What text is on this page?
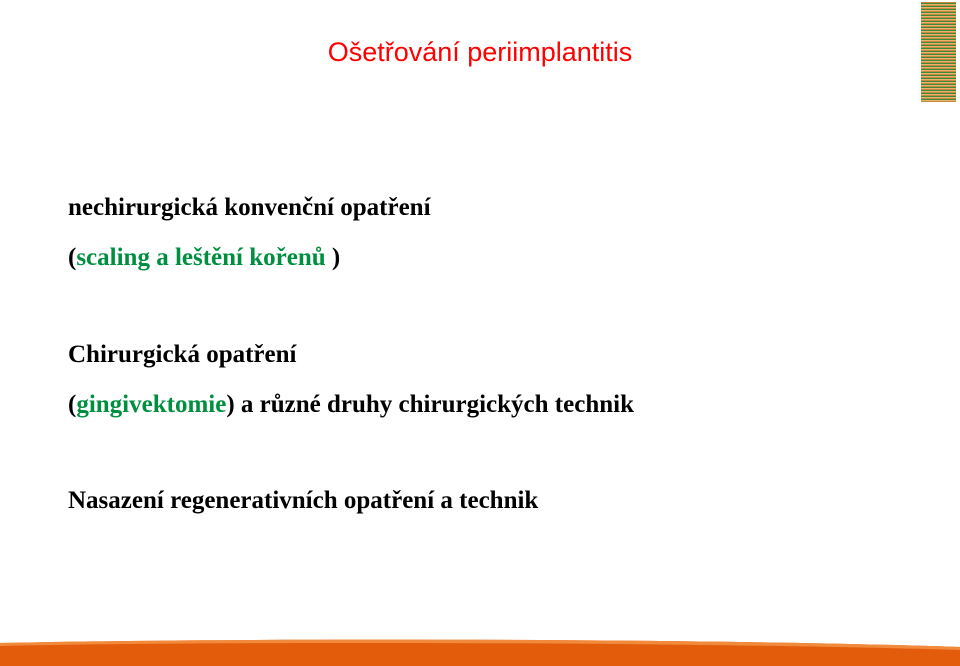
Ošetřování periimplantitis
nechirurgická konvenční opatření
(scaling a leštění kořenů )
Chirurgická opatření
(gingivektomie) a různé druhy chirurgických technik
Nasazení regenerativních opatření a technik
